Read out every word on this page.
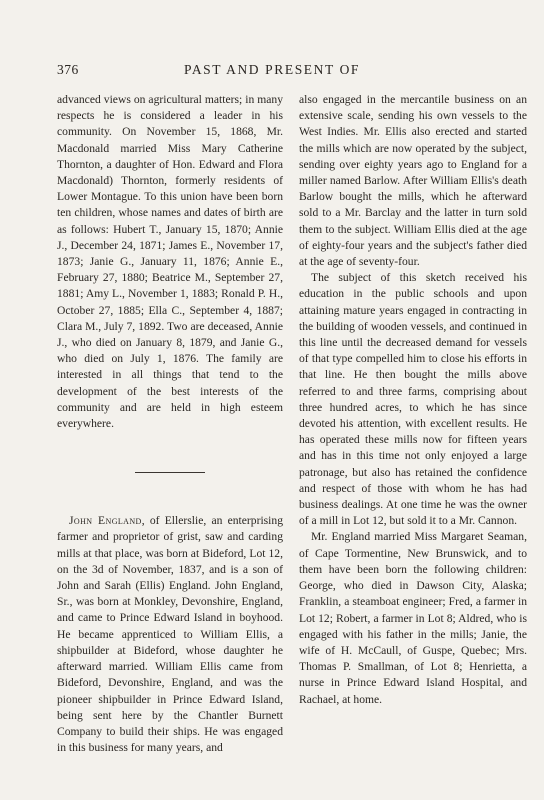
376	PAST AND PRESENT OF

advanced views on agricultural matters; in many respects he is considered a leader in his community. On November 15, 1868, Mr. Macdonald married Miss Mary Catherine Thornton, a daughter of Hon. Edward and Flora Macdonald) Thornton, formerly residents of Lower Montague. To this union have been born ten children, whose names and dates of birth are as follows: Hubert T., January 15, 1870; Annie J., December 24, 1871; James E., November 17, 1873; Janie G., January 11, 1876; Annie E., February 27, 1880; Beatrice M., September 27, 1881; Amy L., November 1, 1883; Ronald P. H., October 27, 1885; Ella C., September 4, 1887; Clara M., July 7, 1892. Two are deceased, Annie J., who died on January 8, 1879, and Janie G., who died on July 1, 1876. The family are interested in all things that tend to the development of the best interests of the community and are held in high esteem everywhere.

John England, of Ellerslie, an enterprising farmer and proprietor of grist, saw and carding mills at that place, was born at Bideford, Lot 12, on the 3d of November, 1837, and is a son of John and Sarah (Ellis) England. John England, Sr., was born at Monkley, Devonshire, England, and came to Prince Edward Island in boyhood. He became apprenticed to William Ellis, a shipbuilder at Bideford, whose daughter he afterward married. William Ellis came from Bideford, Devonshire, England, and was the pioneer shipbuilder in Prince Edward Island, being sent here by the Chantler Burnett Company to build their ships. He was engaged in this business for many years, and

also engaged in the mercantile business on an extensive scale, sending his own vessels to the West Indies. Mr. Ellis also erected and started the mills which are now operated by the subject, sending over eighty years ago to England for a miller named Barlow. After William Ellis's death Barlow bought the mills, which he afterward sold to a Mr. Barclay and the latter in turn sold them to the subject. William Ellis died at the age of eighty-four years and the subject's father died at the age of seventy-four.

The subject of this sketch received his education in the public schools and upon attaining mature years engaged in contracting in the building of wooden vessels, and continued in this line until the decreased demand for vessels of that type compelled him to close his efforts in that line. He then bought the mills above referred to and three farms, comprising about three hundred acres, to which he has since devoted his attention, with excellent results. He has operated these mills now for fifteen years and has in this time not only enjoyed a large patronage, but also has retained the confidence and respect of those with whom he has had business dealings. At one time he was the owner of a mill in Lot 12, but sold it to a Mr. Cannon.

Mr. England married Miss Margaret Seaman, of Cape Tormentine, New Brunswick, and to them have been born the following children: George, who died in Dawson City, Alaska; Franklin, a steamboat engineer; Fred, a farmer in Lot 12; Robert, a farmer in Lot 8; Aldred, who is engaged with his father in the mills; Janie, the wife of H. McCaull, of Guspe, Quebec; Mrs. Thomas P. Smallman, of Lot 8; Henrietta, a nurse in Prince Edward Island Hospital, and Rachael, at home.
